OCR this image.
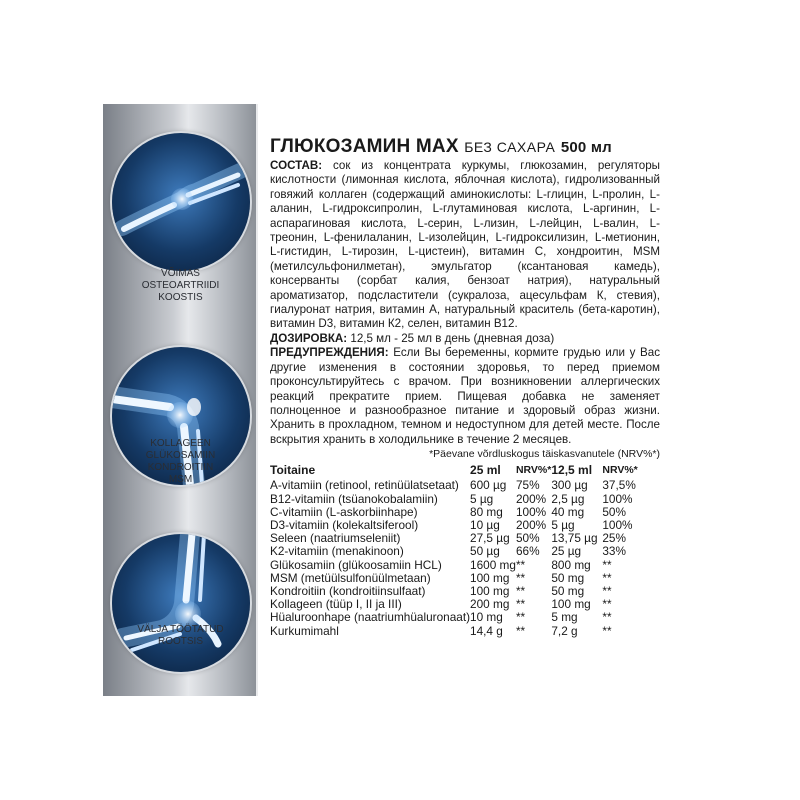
VÕIMAS
OSTEOARTRIIDI
KOOSTIS
KOLLAGEEN
GLÜKOSAMIIN
KONDROITIIN
MSM
VÄLJA TÖÖTATUD
ROOTSIS
ГЛЮКОЗАМИН МАХ БЕЗ САХАРА 500 мл

СОСТАВ: сок из концентрата куркумы, глюкозамин, регуляторы кислотности (лимонная кислота, яблочная кислота), гидролизованный говяжий коллаген (содержащий аминокислоты: L-глицин, L-пролин, L-аланин, L-гидроксипролин, L-глутаминовая кислота, L-аргинин, L-аспарагиновая кислота, L-серин, L-лизин, L-лейцин, L-валин, L-треонин, L-фенилаланин, L-изолейцин, L-гидроксилизин, L-метионин, L-гистидин, L-тирозин, L-цистеин), витамин С, хондроитин, MSM (метилсульфонилметан), эмульгатор (ксантановая камедь), консерванты (сорбат калия, бензоат натрия), натуральный ароматизатор, подсластители (сукралоза, ацесульфам К, стевия), гиалуронат натрия, витамин А, натуральный краситель (бета-каротин), витамин D3, витамин К2, селен, витамин В12.

ДОЗИРОВКА: 12,5 мл - 25 мл в день (дневная доза)

ПРЕДУПРЕЖДЕНИЯ: Если Вы беременны, кормите грудью или у Вас другие изменения в состоянии здоровья, то перед приемом проконсультируйтесь с врачом. При возникновении аллергических реакций прекратите прием. Пищевая добавка не заменяет полноценное и разнообразное питание и здоровый образ жизни. Хранить в прохладном, темном и недоступном для детей месте. После вскрытия хранить в холодильнике в течение 2 месяцев.

*Päevane võrdluskogus täiskasvanutele (NRV%*)
Toitaine	25 ml	NRV%*	12,5 ml	NRV%*
A-vitamiin (retinool, retinüülatsetaat)	600 µg	75%	300 µg	37,5%
B12-vitamiin (tsüanokobalamiin)	5 µg	200%	2,5 µg	100%
C-vitamiin (L-askorbiinhape)	80 mg	100%	40 mg	50%
D3-vitamiin (kolekaltsiferool)	10 µg	200%	5 µg	100%
Seleen (naatriumseleniit)	27,5 µg	50%	13,75 µg	25%
K2-vitamiin (menakinoon)	50 µg	66%	25 µg	33%
Glükosamiin (glükoosamiin HCL)	1600 mg	**	800 mg	**
MSM (metüülsulfonüülmetaan)	100 mg	**	50 mg	**
Kondroitiin (kondroitiinsulfaat)	100 mg	**	50 mg	**
Kollageen (tüüp I, II ja III)	200 mg	**	100 mg	**
Hüaluroonhape (naatriumhüaluronaat)	10 mg	**	5 mg	**
Kurkumimahl	14,4 g	**	7,2 g	**
